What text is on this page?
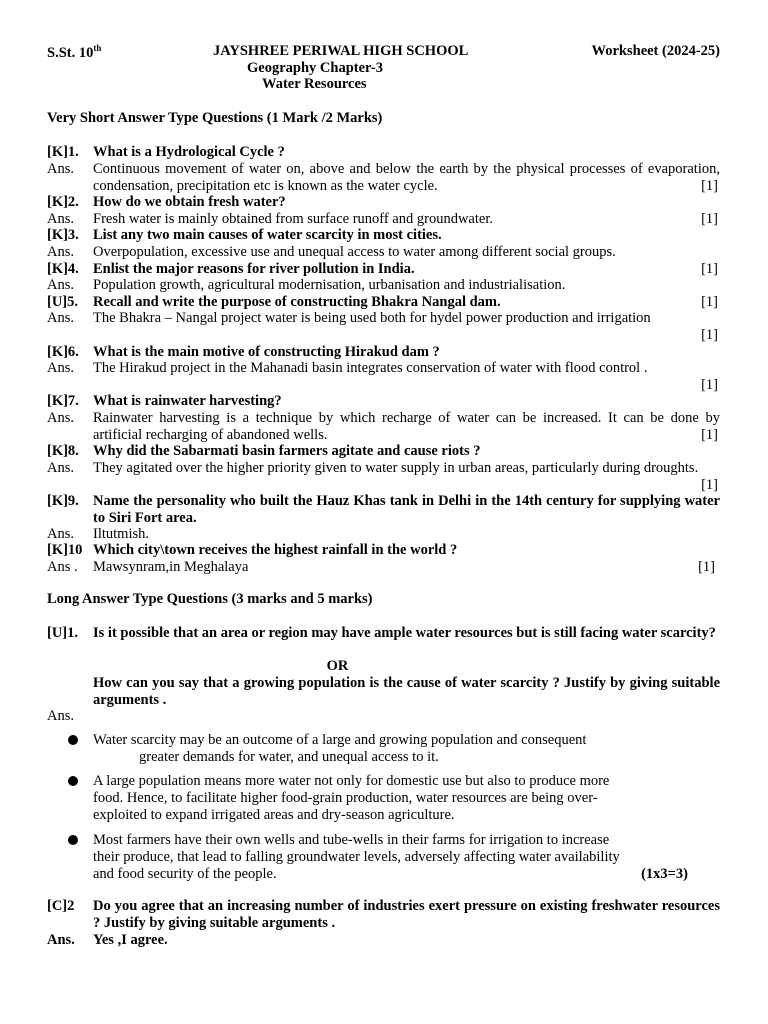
S.St. 10th	JAYSHREE PERIWAL HIGH SCHOOL	Worksheet (2024-25)
Geography Chapter-3
Water Resources
Very Short Answer Type Questions (1 Mark /2 Marks)
[K]1. What is a Hydrological Cycle ?
Ans. Continuous movement of water on, above and below the earth by the physical processes of evaporation, condensation, precipitation etc is known as the water cycle.	[1]
[K]2. How do we obtain fresh water?
Ans. Fresh water is mainly obtained from surface runoff and groundwater.	[1]
[K]3. List any two main causes of water scarcity in most cities.
Ans. Overpopulation, excessive use and unequal access to water among different social groups.
[K]4. Enlist the major reasons for river pollution in India.	[1]
Ans. Population growth, agricultural modernisation, urbanisation and industrialisation.
[U]5. Recall and write the purpose of constructing Bhakra Nangal dam.	[1]
Ans. The Bhakra – Nangal project water is being used both for hydel power production and irrigation
[1]
[K]6. What is the main motive of constructing Hirakud dam ?
Ans. The Hirakud project in the Mahanadi basin integrates conservation of water with flood control .
[1]
[K]7. What is rainwater harvesting?
Ans. Rainwater harvesting is a technique by which recharge of water can be increased. It can be done by artificial recharging of abandoned wells.	[1]
[K]8. Why did the Sabarmati basin farmers agitate and cause riots ?
Ans. They agitated over the higher priority given to water supply in urban areas, particularly during droughts.
[1]
[K]9. Name the personality who built the Hauz Khas tank in Delhi in the 14th century for supplying water to Siri Fort area.
Ans. Iltutmish.
[K]10 Which city\town receives the highest rainfall in the world ?
Ans . Mawsynram,in Meghalaya	[1]
Long Answer Type Questions (3 marks and 5 marks)
[U]1. Is it possible that an area or region may have ample water resources but is still facing water scarcity?
OR
How can you say that a growing population is the cause of water scarcity ? Justify by giving suitable arguments .
Ans.
Water scarcity may be an outcome of a large and growing population and consequent
greater demands for water, and unequal access to it.
A large population means more water not only for domestic use but also to produce more
food. Hence, to facilitate higher food-grain production, water resources are being over-
exploited to expand irrigated areas and dry-season agriculture.
Most farmers have their own wells and tube-wells in their farms for irrigation to increase
their produce, that lead to falling groundwater levels, adversely affecting water availability
and food security of the people.	(1x3=3)
[C]2 Do you agree that an increasing number of industries exert pressure on existing freshwater resources ? Justify by giving suitable arguments .
Ans. Yes ,I agree.
